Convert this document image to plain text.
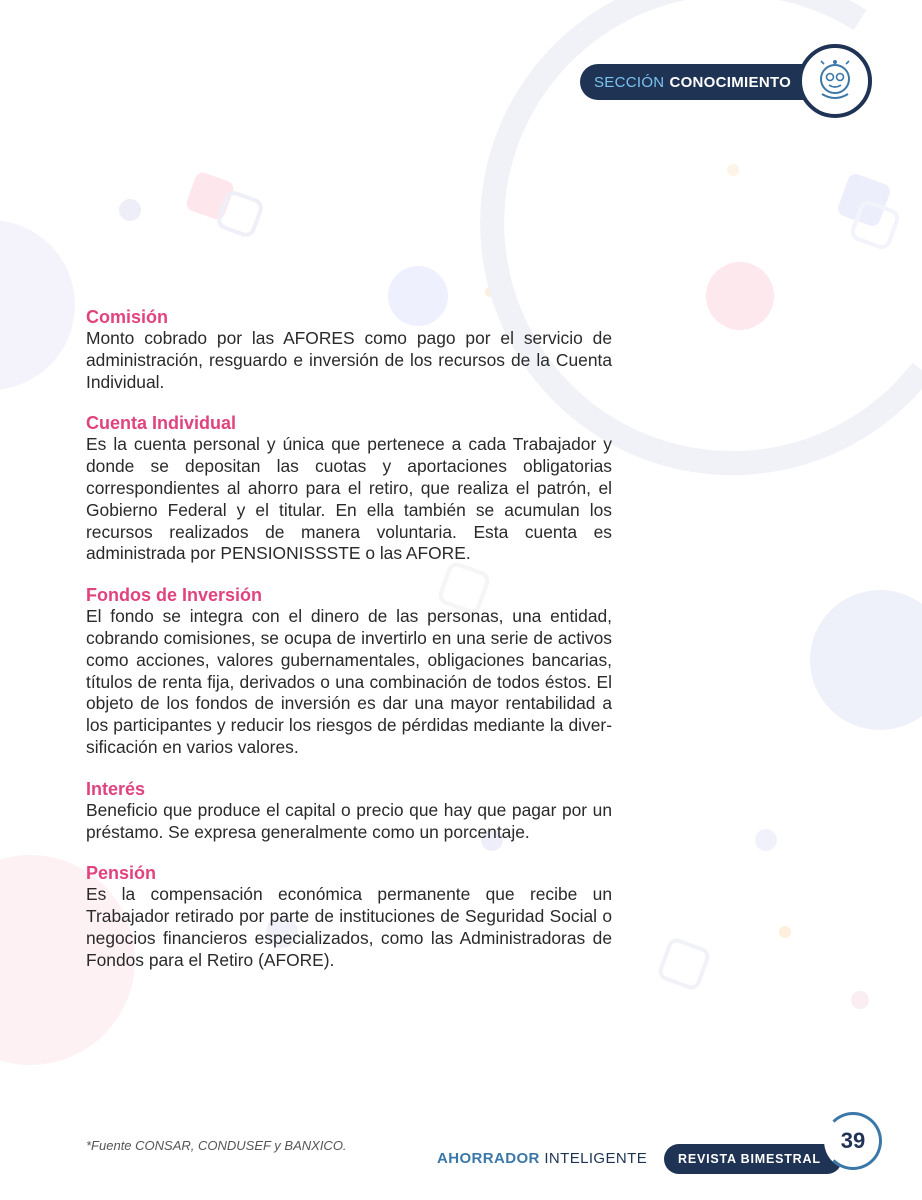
SECCIÓN CONOCIMIENTO

Comisión

Monto cobrado por las AFORES como pago por el servicio de administración, resguardo e inversión de los recursos de la Cuenta Individual.

Cuenta Individual

Es la cuenta personal y única que pertenece a cada Trabajador y donde se depositan las cuotas y aportaciones obligatorias correspondientes al ahorro para el retiro, que realiza el patrón, el Gobierno Federal y el titular. En ella también se acumulan los recursos realizados de manera voluntaria. Esta cuenta es administrada por PENSIONISSSTE o las AFORE.

Fondos de Inversión

El fondo se integra con el dinero de las personas, una entidad, cobrando comisiones, se ocupa de invertirlo en una serie de activos como acciones, valores gubernamentales, obligaciones bancarias, títulos de renta fija, derivados o una combinación de todos éstos. El objeto de los fondos de inversión es dar una mayor rentabilidad a los participantes y reducir los riesgos de pérdidas mediante la diversificación en varios valores.

Interés

Beneficio que produce el capital o precio que hay que pagar por un préstamo. Se expresa generalmente como un porcentaje.

Pensión

Es la compensación económica permanente que recibe un Trabajador retirado por parte de instituciones de Seguridad Social o negocios financieros especializados, como las Administradoras de Fondos para el Retiro (AFORE).

*Fuente CONSAR, CONDUSEF y BANXICO.
AHORRADOR INTELIGENTE	REVISTA BIMESTRAL
39
